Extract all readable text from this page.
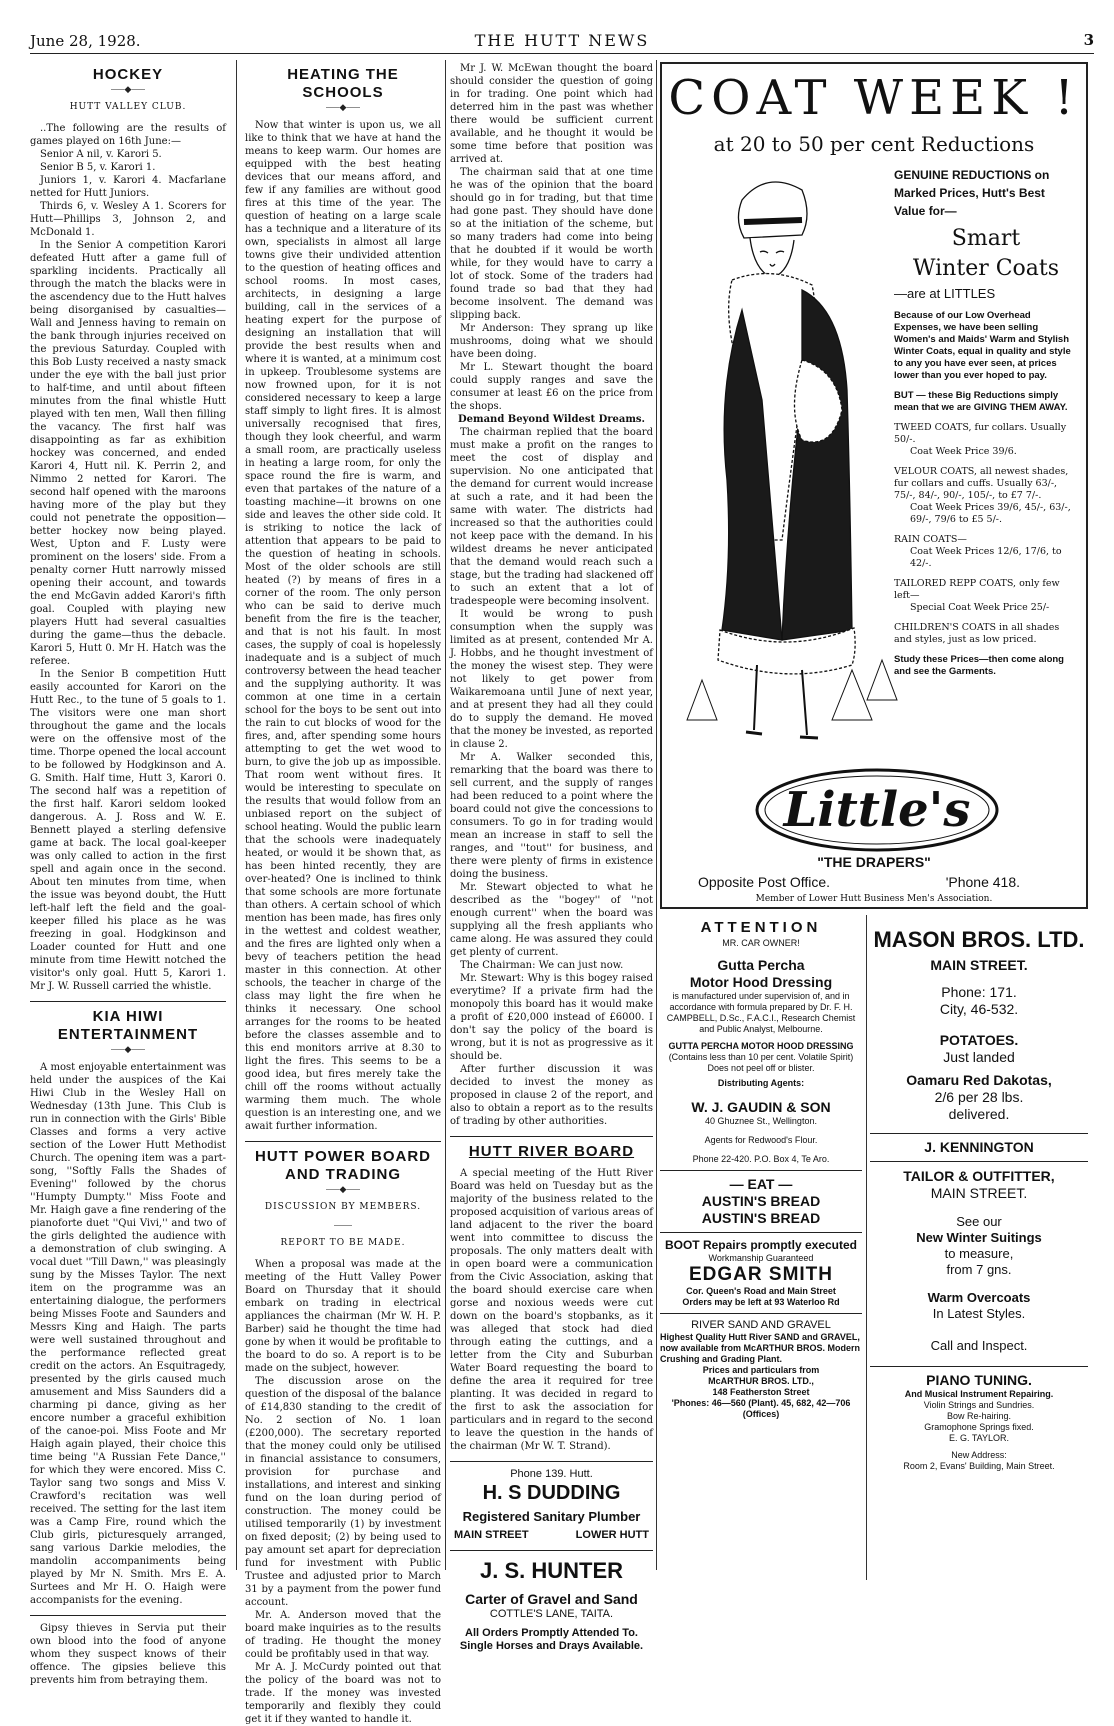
June 28, 1928.	THE HUTT NEWS	3
HOCKEY
⎯⎯⎯◆⎯⎯⎯
HUTT VALLEY CLUB.

..The following are the results of games played on 16th June:—

Senior A nil, v. Karori 5.

Senior B 5, v. Karori 1.

Juniors 1, v. Karori 4. Macfarlane netted for Hutt Juniors.

Thirds 6, v. Wesley A 1. Scorers for Hutt—Phillips 3, Johnson 2, and McDonald 1.

In the Senior A competition Karori defeated Hutt after a game full of sparkling incidents. Practically all through the match the blacks were in the ascendency due to the Hutt halves being disorganised by casualties—Wall and Jenness having to remain on the bank through injuries received on the previous Saturday. Coupled with this Bob Lusty received a nasty smack under the eye with the ball just prior to half-time, and until about fifteen minutes from the final whistle Hutt played with ten men, Wall then filling the vacancy. The first half was disappointing as far as exhibition hockey was concerned, and ended Karori 4, Hutt nil. K. Perrin 2, and Nimmo 2 netted for Karori. The second half opened with the maroons having more of the play but they could not penetrate the opposition—better hockey now being played. West, Upton and F. Lusty were prominent on the losers' side. From a penalty corner Hutt narrowly missed opening their account, and towards the end McGavin added Karori's fifth goal. Coupled with playing new players Hutt had several casualties during the game—thus the debacle. Karori 5, Hutt 0. Mr H. Hatch was the referee.

In the Senior B competition Hutt easily accounted for Karori on the Hutt Rec., to the tune of 5 goals to 1. The visitors were one man short throughout the game and the locals were on the offensive most of the time. Thorpe opened the local account to be followed by Hodgkinson and A. G. Smith. Half time, Hutt 3, Karori 0. The second half was a repetition of the first half. Karori seldom looked dangerous. A. J. Ross and W. E. Bennett played a sterling defensive game at back. The local goal-keeper was only called to action in the first spell and again once in the second. About ten minutes from time, when the issue was beyond doubt, the Hutt left-half left the field and the goal-keeper filled his place as he was freezing in goal. Hodgkinson and Loader counted for Hutt and one minute from time Hewitt notched the visitor's only goal. Hutt 5, Karori 1. Mr J. W. Russell carried the whistle.

KIA HIWI ENTERTAINMENT
⎯⎯⎯◆⎯⎯⎯

A most enjoyable entertainment was held under the auspices of the Kai Hiwi Club in the Wesley Hall on Wednesday (13th June. This Club is run in connection with the Girls' Bible Classes and forms a very active section of the Lower Hutt Methodist Church. The opening item was a part-song, ''Softly Falls the Shades of Evening'' followed by the chorus ''Humpty Dumpty.'' Miss Foote and Mr. Haigh gave a fine rendering of the pianoforte duet ''Qui Vivi,'' and two of the girls delighted the audience with a demonstration of club swinging. A vocal duet ''Till Dawn,'' was pleasingly sung by the Misses Taylor. The next item on the programme was an entertaining dialogue, the performers being Misses Foote and Saunders and Messrs King and Haigh. The parts were well sustained throughout and the performance reflected great credit on the actors. An Esquitragedy, presented by the girls caused much amusement and Miss Saunders did a charming pi dance, giving as her encore number a graceful exhibition of the canoe-poi. Miss Foote and Mr Haigh again played, their choice this time being ''A Russian Fete Dance,'' for which they were encored. Miss C. Taylor sang two songs and Miss V. Crawford's recitation was well received. The setting for the last item was a Camp Fire, round which the Club girls, picturesquely arranged, sang various Darkie melodies, the mandolin accompaniments being played by Mr N. Smith. Mrs E. A. Surtees and Mr H. O. Haigh were accompanists for the evening.

Gipsy thieves in Servia put their own blood into the food of anyone whom they suspect knows of their offence. The gipsies believe this prevents him from betraying them.

HEATING THE SCHOOLS
⎯⎯⎯◆⎯⎯⎯

Now that winter is upon us, we all like to think that we have at hand the means to keep warm. Our homes are equipped with the best heating devices that our means afford, and few if any families are without good fires at this time of the year. The question of heating on a large scale has a technique and a literature of its own, specialists in almost all large towns give their undivided attention to the question of heating offices and school rooms. In most cases, architects, in designing a large building, call in the services of a heating expert for the purpose of designing an installation that will provide the best results when and where it is wanted, at a minimum cost in upkeep. Troublesome systems are now frowned upon, for it is not considered necessary to keep a large staff simply to light fires. It is almost universally recognised that fires, though they look cheerful, and warm a small room, are practically useless in heating a large room, for only the space round the fire is warm, and even that partakes of the nature of a toasting machine—it browns on one side and leaves the other side cold. It is striking to notice the lack of attention that appears to be paid to the question of heating in schools. Most of the older schools are still heated (?) by means of fires in a corner of the room. The only person who can be said to derive much benefit from the fire is the teacher, and that is not his fault. In most cases, the supply of coal is hopelessly inadequate and is a subject of much controversy between the head teacher and the supplying authority. It was common at one time in a certain school for the boys to be sent out into the rain to cut blocks of wood for the fires, and, after spending some hours attempting to get the wet wood to burn, to give the job up as impossible. That room went without fires. It would be interesting to speculate on the results that would follow from an unbiased report on the subject of school heating. Would the public learn that the schools were inadequately heated, or would it be shown that, as has been hinted recently, they are over-heated? One is inclined to think that some schools are more fortunate than others. A certain school of which mention has been made, has fires only in the wettest and coldest weather, and the fires are lighted only when a bevy of teachers petition the head master in this connection. At other schools, the teacher in charge of the class may light the fire when he thinks it necessary. One school arranges for the rooms to be heated before the classes assemble and to this end monitors arrive at 8.30 to light the fires. This seems to be a good idea, but fires merely take the chill off the rooms without actually warming them much. The whole question is an interesting one, and we await further information.

HUTT POWER BOARD AND TRADING
⎯⎯⎯◆⎯⎯⎯
DISCUSSION BY MEMBERS.
⎯⎯⎯⎯
REPORT TO BE MADE.

When a proposal was made at the meeting of the Hutt Valley Power Board on Thursday that it should embark on trading in electrical appliances the chairman (Mr W. H. P. Barber) said he thought the time had gone by when it would be profitable to the board to do so. A report is to be made on the subject, however.

The discussion arose on the question of the disposal of the balance of £14,830 standing to the credit of No. 2 section of No. 1 loan (£200,000). The secretary reported that the money could only be utilised in financial assistance to consumers, provision for purchase and installations, and interest and sinking fund on the loan during period of construction. The money could be utilised temporarily (1) by investment on fixed deposit; (2) by being used to pay amount set apart for depreciation fund for investment with Public Trustee and adjusted prior to March 31 by a payment from the power fund account.

Mr. A. Anderson moved that the board make inquiries as to the results of trading. He thought the money could be profitably used in that way.

Mr A. J. McCurdy pointed out that the policy of the board was not to trade. If the money was invested temporarily and flexibly they could get it if they wanted to handle it.

Mr J. W. McEwan thought the board should consider the question of going in for trading. One point which had deterred him in the past was whether there would be sufficient current available, and he thought it would be some time before that position was arrived at.

The chairman said that at one time he was of the opinion that the board should go in for trading, but that time had gone past. They should have done so at the initiation of the scheme, but so many traders had come into being that he doubted if it would be worth while, for they would have to carry a lot of stock. Some of the traders had found trade so bad that they had become insolvent. The demand was slipping back.

Mr Anderson: They sprang up like mushrooms, doing what we should have been doing.

Mr L. Stewart thought the board could supply ranges and save the consumer at least £6 on the price from the shops.

Demand Beyond Wildest Dreams.

The chairman replied that the board must make a profit on the ranges to meet the cost of display and supervision. No one anticipated that the demand for current would increase at such a rate, and it had been the same with water. The districts had increased so that the authorities could not keep pace with the demand. In his wildest dreams he never anticipated that the demand would reach such a stage, but the trading had slackened off to such an extent that a lot of tradespeople were becoming insolvent.

It would be wrong to push consumption when the supply was limited as at present, contended Mr A. J. Hobbs, and he thought investment of the money the wisest step. They were not likely to get power from Waikaremoana until June of next year, and at present they had all they could do to supply the demand. He moved that the money be invested, as reported in clause 2.

Mr A. Walker seconded this, remarking that the board was there to sell current, and the supply of ranges had been reduced to a point where the board could not give the concessions to consumers. To go in for trading would mean an increase in staff to sell the ranges, and ''tout'' for business, and there were plenty of firms in existence doing the business.

Mr. Stewart objected to what he described as the ''bogey'' of ''not enough current'' when the board was supplying all the fresh appliants who came along. He was assured they could get plenty of current.

The Chairman: We can just now.

Mr. Stewart: Why is this bogey raised everytime? If a private firm had the monopoly this board has it would make a profit of £20,000 instead of £6000. I don't say the policy of the board is wrong, but it is not as progressive as it should be.

After further discussion it was decided to invest the money as proposed in clause 2 of the report, and also to obtain a report as to the results of trading by other authorities.

HUTT RIVER BOARD

A special meeting of the Hutt River Board was held on Tuesday but as the majority of the business related to the proposed acquisition of various areas of land adjacent to the river the board went into committee to discuss the proposals. The only matters dealt with in open board were a communication from the Civic Association, asking that the board should exercise care when gorse and noxious weeds were cut down on the board's stopbanks, as it was alleged that stock had died through eating the cuttings, and a letter from the City and Suburban Water Board requesting the board to define the area it required for tree planting. It was decided in regard to the first to ask the association for particulars and in regard to the second to leave the question in the hands of the chairman (Mr W. T. Strand).

Phone 139. Hutt.
H. S DUDDING
Registered Sanitary Plumber
MAIN STREET	LOWER HUTT
J. S. HUNTER
Carter of Gravel and Sand
COTTLE'S LANE, TAITA.
All Orders Promptly Attended To.
Single Horses and Drays Available.
COAT WEEK !
at 20 to 50 per cent Reductions
GENUINE REDUCTIONS on Marked Prices, Hutt's Best Value for—
Smart
Winter Coats
—are at LITTLES
Because of our Low Overhead Expenses, we have been selling Women's and Maids' Warm and Stylish Winter Coats, equal in quality and style to any you have ever seen, at prices lower than you ever hoped to pay.
BUT — these Big Reductions simply mean that we are GIVING THEM AWAY.
TWEED COATS, fur collars. Usually 50/-.
Coat Week Price 39/6.
VELOUR COATS, all newest shades, fur collars and cuffs. Usually 63/-, 75/-, 84/-, 90/-, 105/-, to £7 7/-.
Coat Week Prices 39/6, 45/-, 63/-, 69/-, 79/6 to £5 5/-.
RAIN COATS—
Coat Week Prices 12/6, 17/6, to 42/-.
TAILORED REPP COATS, only few left—
Special Coat Week Price 25/-
CHILDREN'S COATS in all shades and styles, just as low priced.
Study these Prices—then come along and see the Garments.
Little's
"THE DRAPERS"
Opposite Post Office.	'Phone 418.
Member of Lower Hutt Business Men's Association.
ATTENTION
MR. CAR OWNER!
Gutta Percha
Motor Hood Dressing
is manufactured under supervision of, and in accordance with formula prepared by Dr. F. H. CAMPBELL, D.Sc., F.A.C.I., Research Chemist and Public Analyst, Melbourne.
GUTTA PERCHA MOTOR HOOD DRESSING
(Contains less than 10 per cent. Volatile Spirit)
Does not peel off or blister.
Distributing Agents:
W. J. GAUDIN & SON
40 Ghuznee St., Wellington.
Agents for Redwood's Flour.
Phone 22-420. P.O. Box 4, Te Aro.
— EAT —
AUSTIN'S BREAD
AUSTIN'S BREAD
BOOT Repairs promptly executed
Workmanship Guaranteed
EDGAR SMITH
Cor. Queen's Road and Main Street
Orders may be left at 93 Waterloo Rd
RIVER SAND AND GRAVEL
Highest Quality Hutt River SAND and GRAVEL, now available from McARTHUR BROS. Modern Crushing and Grading Plant.
Prices and particulars from
McARTHUR BROS. LTD.,
148 Featherston Street
'Phones: 46—560 (Plant). 45, 682, 42—706 (Offices)
MASON BROS. LTD.
MAIN STREET.
Phone: 171.
City, 46-532.
POTATOES.
Just landed
Oamaru Red Dakotas,
2/6 per 28 lbs.
delivered.
J. KENNINGTON
TAILOR & OUTFITTER,
MAIN STREET.
See our
New Winter Suitings
to measure,
from 7 gns.
Warm Overcoats
In Latest Styles.
Call and Inspect.
PIANO TUNING.
And Musical Instrument Repairing.
Violin Strings and Sundries.
Bow Re-hairing.
Gramophone Springs fixed.
E. G. TAYLOR.
New Address:
Room 2, Evans' Building, Main Street.
